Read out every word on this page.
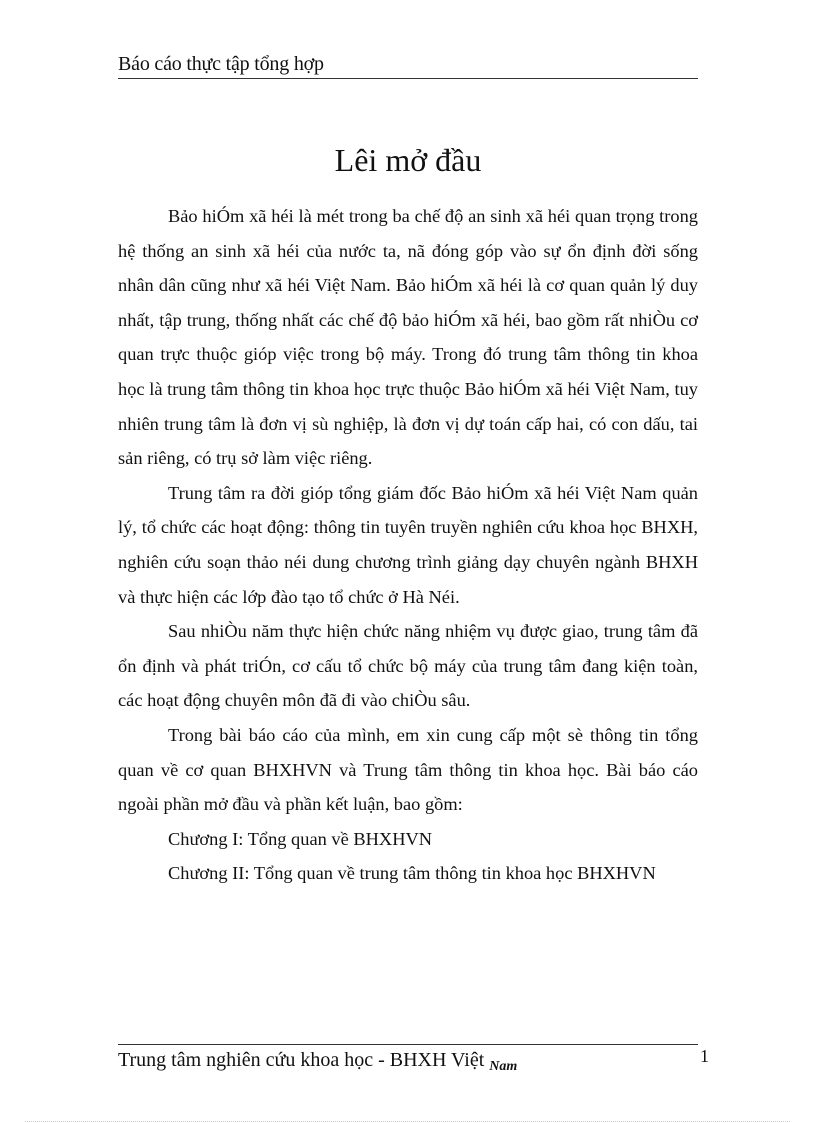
Báo cáo thực tập tổng hợp
Lêi mở đầu

Bảo hiÓm xã héi là mét trong ba chế độ an sinh xã héi quan trọng trong hệ thống an sinh xã héi của nước ta, nã đóng góp vào sự ổn định đời sống nhân dân cũng như xã héi Việt Nam. Bảo hiÓm xã héi là cơ quan quản lý duy nhất, tập trung, thống nhất các chế độ bảo hiÓm xã héi, bao gồm rất nhiÒu cơ quan trực thuộc gióp việc trong bộ máy. Trong đó trung tâm thông tin khoa học là trung tâm thông tin khoa học trực thuộc Bảo hiÓm xã héi Việt Nam, tuy nhiên trung tâm là đơn vị sù nghiệp, là đơn vị dự toán cấp hai, có con dấu, tai sản riêng, có trụ sở làm việc riêng.

Trung tâm ra đời gióp tổng giám đốc Bảo hiÓm xã héi Việt Nam quản lý, tổ chức các hoạt động: thông tin tuyên truyền nghiên cứu khoa học BHXH, nghiên cứu soạn thảo néi dung chương trình giảng dạy chuyên ngành BHXH và thực hiện các lớp đào tạo tổ chức ở Hà Néi.

Sau nhiÒu năm thực hiện chức năng nhiệm vụ được giao, trung tâm đã ổn định và phát triÓn, cơ cấu tổ chức bộ máy của trung tâm đang kiện toàn, các hoạt động chuyên môn đã đi vào chiÒu sâu.

Trong bài báo cáo của mình, em xin cung cấp một sè thông tin tổng quan về cơ quan BHXHVN và Trung tâm thông tin khoa học. Bài báo cáo ngoài phần mở đầu và phần kết luận, bao gồm:

Chương I: Tổng quan về BHXHVN

Chương II: Tổng quan về trung tâm thông tin khoa học BHXHVN

Trung tâm nghiên cứu khoa học - BHXH Việt $_{Nam}$
1
